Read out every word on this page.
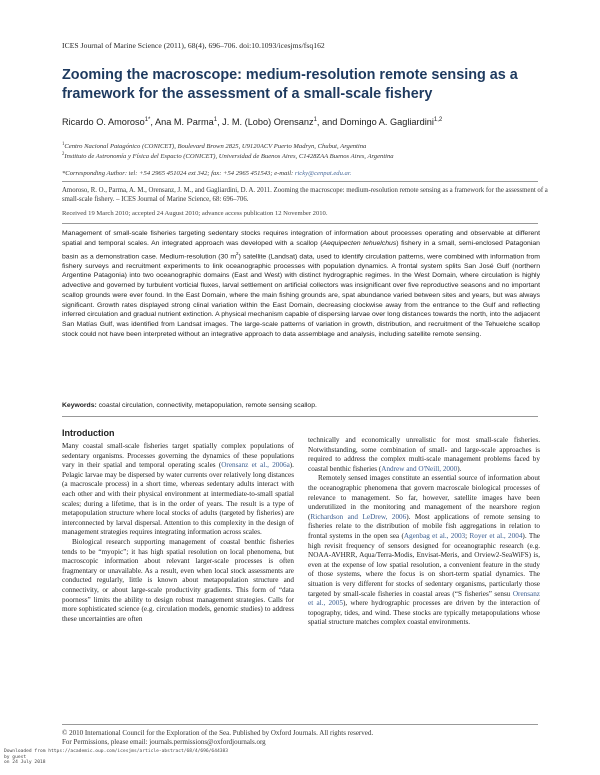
ICES Journal of Marine Science (2011), 68(4), 696–706. doi:10.1093/icesjms/fsq162
Zooming the macroscope: medium-resolution remote sensing as a framework for the assessment of a small-scale fishery
Ricardo O. Amoroso$^{1*}$, Ana M. Parma$^1$, J. M. (Lobo) Orensanz$^1$, and Domingo A. Gagliardini$^{1,2}$
$^1$Centro Nacional Patagónico (CONICET), Boulevard Brown 2825, U9120ACV Puerto Madryn, Chubut, Argentina
$^2$Instituto de Astronomía y Física del Espacio (CONICET), Universidad de Buenos Aires, C1428ZAA Buenos Aires, Argentina
*Corresponding Author: tel: +54 2965 451024 ext 342; fax: +54 2965 451543; e-mail: ricky@cenpat.edu.ar.
Amoroso, R. O., Parma, A. M., Orensanz, J. M., and Gagliardini, D. A. 2011. Zooming the macroscope: medium-resolution remote sensing as a framework for the assessment of a small-scale fishery. – ICES Journal of Marine Science, 68: 696–706.
Received 19 March 2010; accepted 24 August 2010; advance access publication 12 November 2010.
Management of small-scale fisheries targeting sedentary stocks requires integration of information about processes operating and observable at different spatial and temporal scales. An integrated approach was developed with a scallop (Aequipecten tehuelchus) fishery in a small, semi-enclosed Patagonian basin as a demonstration case. Medium-resolution (30 $m^2$) satellite (Landsat) data, used to identify circulation patterns, were combined with information from fishery surveys and recruitment experiments to link oceanographic processes with population dynamics. A frontal system splits San José Gulf (northern Argentine Patagonia) into two oceanographic domains (East and West) with distinct hydrographic regimes. In the West Domain, where circulation is highly advective and governed by turbulent vorticial fluxes, larval settlement on artificial collectors was insignificant over five reproductive seasons and no important scallop grounds were ever found. In the East Domain, where the main fishing grounds are, spat abundance varied between sites and years, but was always significant. Growth rates displayed strong clinal variation within the East Domain, decreasing clockwise away from the entrance to the Gulf and reflecting inferred circulation and gradual nutrient extinction. A physical mechanism capable of dispersing larvae over long distances towards the north, into the adjacent San Matías Gulf, was identified from Landsat images. The large-scale patterns of variation in growth, distribution, and recruitment of the Tehuelche scallop stock could not have been interpreted without an integrative approach to data assemblage and analysis, including satellite remote sensing.
Keywords: coastal circulation, connectivity, metapopulation, remote sensing scallop.
Introduction

Many coastal small-scale fisheries target spatially complex populations of sedentary organisms. Processes governing the dynamics of these populations vary in their spatial and temporal operating scales (Orensanz et al., 2006a). Pelagic larvae may be dispersed by water currents over relatively long distances (a macroscale process) in a short time, whereas sedentary adults interact with each other and with their physical environment at intermediate-to-small spatial scales; during a lifetime, that is in the order of years. The result is a type of metapopulation structure where local stocks of adults (targeted by fisheries) are interconnected by larval dispersal. Attention to this complexity in the design of management strategies requires integrating information across scales.

Biological research supporting management of coastal benthic fisheries tends to be “myopic”; it has high spatial resolution on local phenomena, but macroscopic information about relevant larger-scale processes is often fragmentary or unavailable. As a result, even when local stock assessments are conducted regularly, little is known about metapopulation structure and connectivity, or about large-scale productivity gradients. This form of “data poorness” limits the ability to design robust management strategies. Calls for more sophisticated science (e.g. circulation models, genomic studies) to address these uncertainties are often

technically and economically unrealistic for most small-scale fisheries. Notwithstanding, some combination of small- and large-scale approaches is required to address the complex multi-scale management problems faced by coastal benthic fisheries (Andrew and O'Neill, 2000).

Remotely sensed images constitute an essential source of information about the oceanographic phenomena that govern macroscale biological processes of relevance to management. So far, however, satellite images have been underutilized in the monitoring and management of the nearshore region (Richardson and LeDrew, 2006). Most applications of remote sensing to fisheries relate to the distribution of mobile fish aggregations in relation to frontal systems in the open sea (Agenbag et al., 2003; Royer et al., 2004). The high revisit frequency of sensors designed for oceanographic research (e.g. NOAA-AVHRR, Aqua/Terra-Modis, Envisat-Meris, and Orview2-SeaWiFS) is, even at the expense of low spatial resolution, a convenient feature in the study of those systems, where the focus is on short-term spatial dynamics. The situation is very different for stocks of sedentary organisms, particularly those targeted by small-scale fisheries in coastal areas (“S fisheries” sensu Orensanz et al., 2005), where hydrographic processes are driven by the interaction of topography, tides, and wind. These stocks are typically metapopulations whose spatial structure matches complex coastal environments.

© 2010 International Council for the Exploration of the Sea. Published by Oxford Journals. All rights reserved.
For Permissions, please email: journals.permissions@oxfordjournals.org
Downloaded from https://academic.oup.com/icesjms/article-abstract/68/4/696/644383
by guest
on 24 July 2018
